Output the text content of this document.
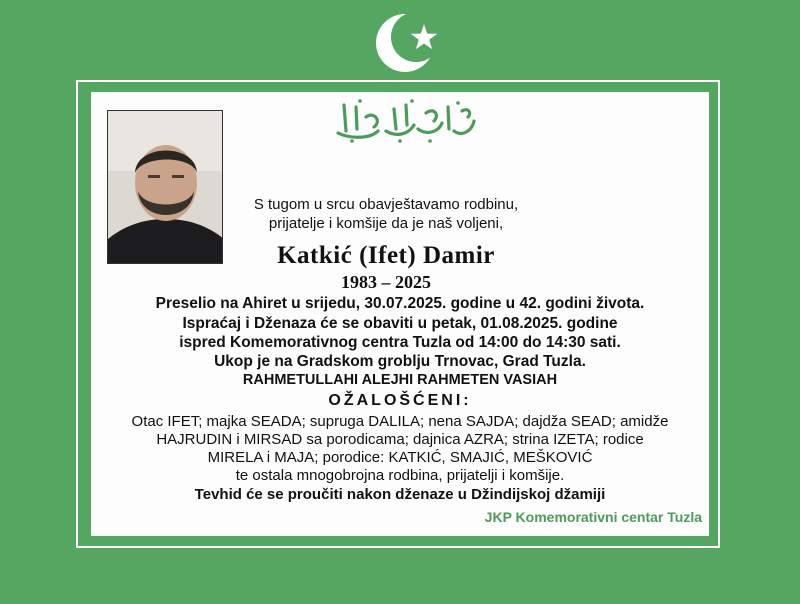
S tugom u srcu obavještavamo rodbinu,
prijatelje i komšije da je naš voljeni,
Katkić (Ifet) Damir
1983 – 2025
Preselio na Ahiret u srijedu, 30.07.2025. godine u 42. godini života.
Ispraćaj i Dženaza će se obaviti u petak, 01.08.2025. godine
ispred Komemorativnog centra Tuzla od 14:00 do 14:30 sati.
Ukop je na Gradskom groblju Trnovac, Grad Tuzla.
RAHMETULLAHI ALEJHI RAHMETEN VASIAH
OŽALOŠĆENI:
Otac IFET; majka SEADA; supruga DALILA; nena SAJDA; dajdža SEAD; amidže
HAJRUDIN i MIRSAD sa porodicama; dajnica AZRA; strina IZETA; rodice
MIRELA i MAJA; porodice: KATKIĆ, SMAJIĆ, MEŠKOVIĆ
te ostala mnogobrojna rodbina, prijatelji i komšije.
Tevhid će se proučiti nakon dženaze u Džindijskoj džamiji
JKP Komemorativni centar Tuzla
